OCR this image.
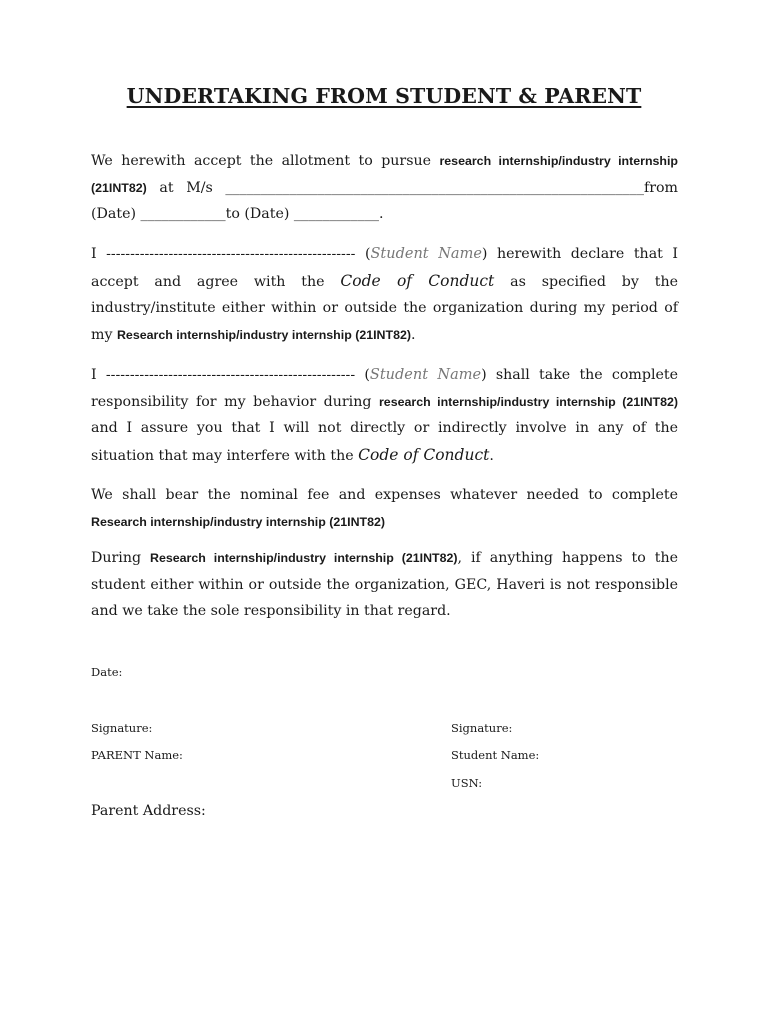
UNDERTAKING FROM STUDENT & PARENT

We herewith accept the allotment to pursue research internship/industry internship (21INT82) at M/s ___________________________________________________________from (Date) ____________to (Date) ____________.

I ---------------------------------------------------- (Student Name) herewith declare that I accept and agree with the Code of Conduct as specified by the industry/institute either within or outside the organization during my period of my Research internship/industry internship (21INT82).

I ---------------------------------------------------- (Student Name) shall take the complete responsibility for my behavior during research internship/industry internship (21INT82) and I assure you that I will not directly or indirectly involve in any of the situation that may interfere with the Code of Conduct.

We shall bear the nominal fee and expenses whatever needed to complete Research internship/industry internship (21INT82)

During Research internship/industry internship (21INT82), if anything happens to the student either within or outside the organization, GEC, Haveri is not responsible and we take the sole responsibility in that regard.

Date:
Signature:
PARENT Name:
Signature:
Student Name:
USN:
Parent Address:
